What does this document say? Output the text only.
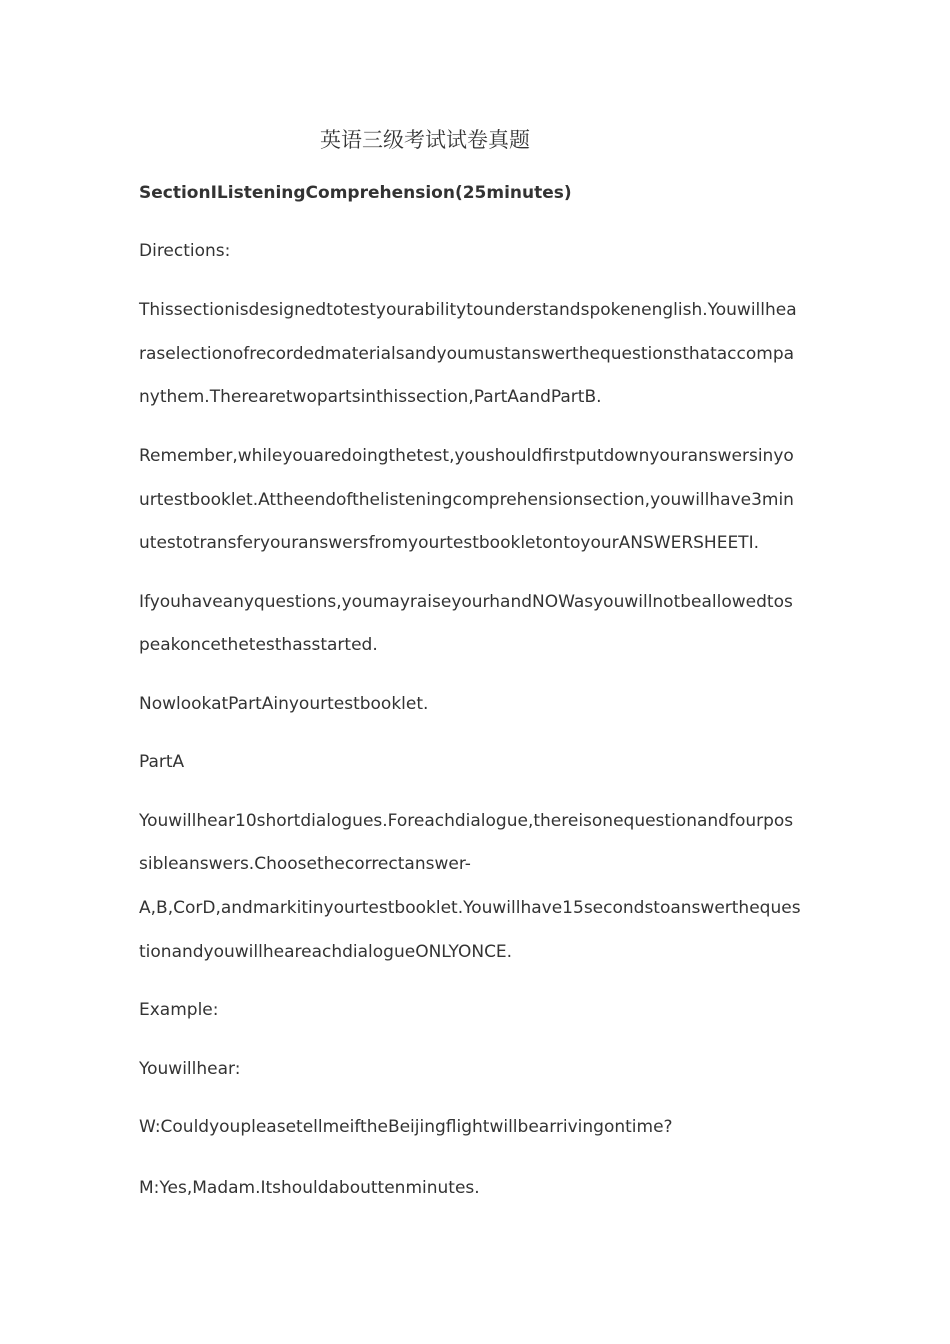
英语三级考试试卷真题
SectionIListeningComprehension(25minutes)
Directions:
Thissectionisdesignedtotestyourabilitytounderstandspokenenglish.Youwillhea
raselectionofrecordedmaterialsandyoumustanswerthequestionsthataccompa
nythem.Therearetwopartsinthissection,PartAandPartB.
Remember,whileyouaredoingthetest,youshouldfirstputdownyouranswersinyo
urtestbooklet.Attheendofthelisteningcomprehensionsection,youwillhave3min
utestotransferyouranswersfromyourtestbookletontoyourANSWERSHEETI.
Ifyouhaveanyquestions,youmayraiseyourhandNOWasyouwillnotbeallowedtos
peakoncethetesthasstarted.
NowlookatPartAinyourtestbooklet.
PartA
Youwillhear10shortdialogues.Foreachdialogue,thereisonequestionandfourpos
sibleanswers.Choosethecorrectanswer-
A,B,CorD,andmarkitinyourtestbooklet.Youwillhave15secondstoanswertheques
tionandyouwillheareachdialogueONLYONCE.
Example:
Youwillhear:
W:CouldyoupleasetellmeiftheBeijingflightwillbearrivingontime?
M:Yes,Madam.Itshouldabouttenminutes.
